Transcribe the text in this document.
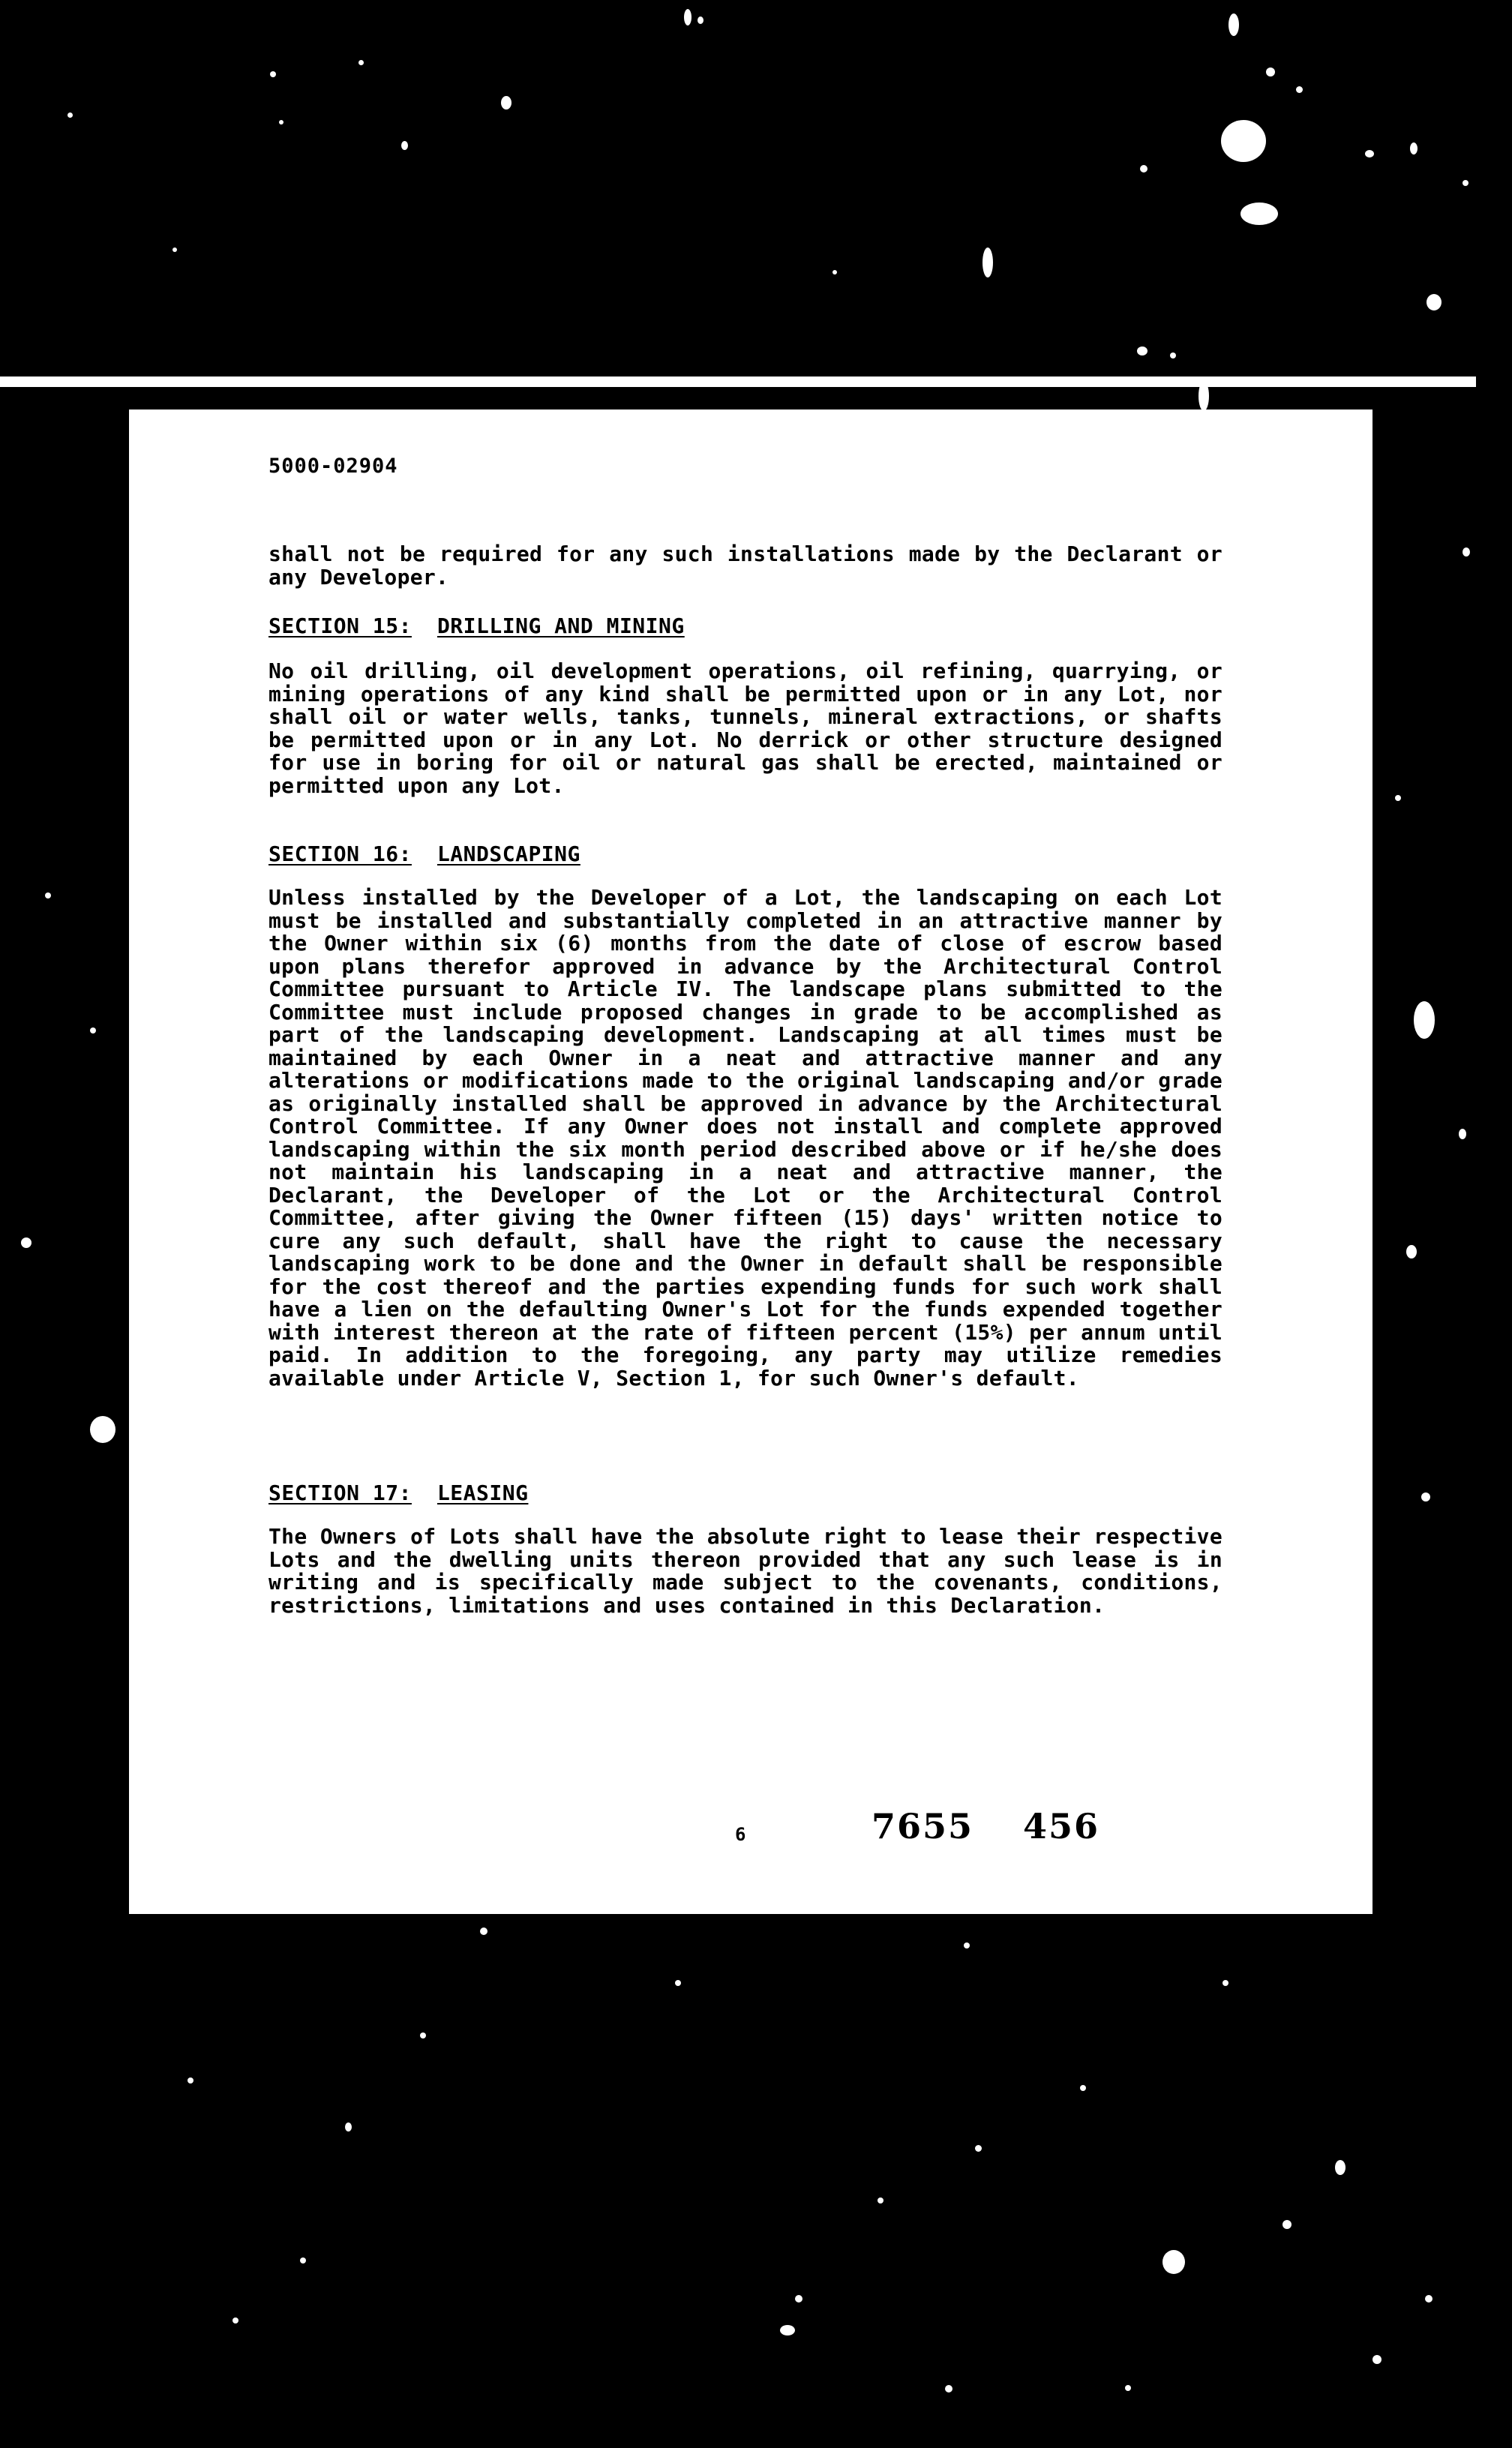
5000-02904
shall not be required for any such installations made by the Declarant or any Developer.
SECTION 15: DRILLING AND MINING
No oil drilling, oil development operations, oil refining, quarrying, or mining operations of any kind shall be permitted upon or in any Lot, nor shall oil or water wells, tanks, tunnels, mineral extractions, or shafts be permitted upon or in any Lot. No derrick or other structure designed for use in boring for oil or natural gas shall be erected, maintained or permitted upon any Lot.
SECTION 16: LANDSCAPING
Unless installed by the Developer of a Lot, the landscaping on each Lot must be installed and substantially completed in an attractive manner by the Owner within six (6) months from the date of close of escrow based upon plans therefor approved in advance by the Architectural Control Committee pursuant to Article IV. The landscape plans submitted to the Committee must include proposed changes in grade to be accomplished as part of the landscaping development. Landscaping at all times must be maintained by each Owner in a neat and attractive manner and any alterations or modifications made to the original landscaping and/or grade as originally installed shall be approved in advance by the Architectural Control Committee. If any Owner does not install and complete approved landscaping within the six month period described above or if he/she does not maintain his landscaping in a neat and attractive manner, the Declarant, the Developer of the Lot or the Architectural Control Committee, after giving the Owner fifteen (15) days' written notice to cure any such default, shall have the right to cause the necessary landscaping work to be done and the Owner in default shall be responsible for the cost thereof and the parties expending funds for such work shall have a lien on the defaulting Owner's Lot for the funds expended together with interest thereon at the rate of fifteen percent (15%) per annum until paid. In addition to the foregoing, any party may utilize remedies available under Article V, Section 1, for such Owner's default.
SECTION 17: LEASING
The Owners of Lots shall have the absolute right to lease their respective Lots and the dwelling units thereon provided that any such lease is in writing and is specifically made subject to the covenants, conditions, restrictions, limitations and uses contained in this Declaration.
6	7655 456
